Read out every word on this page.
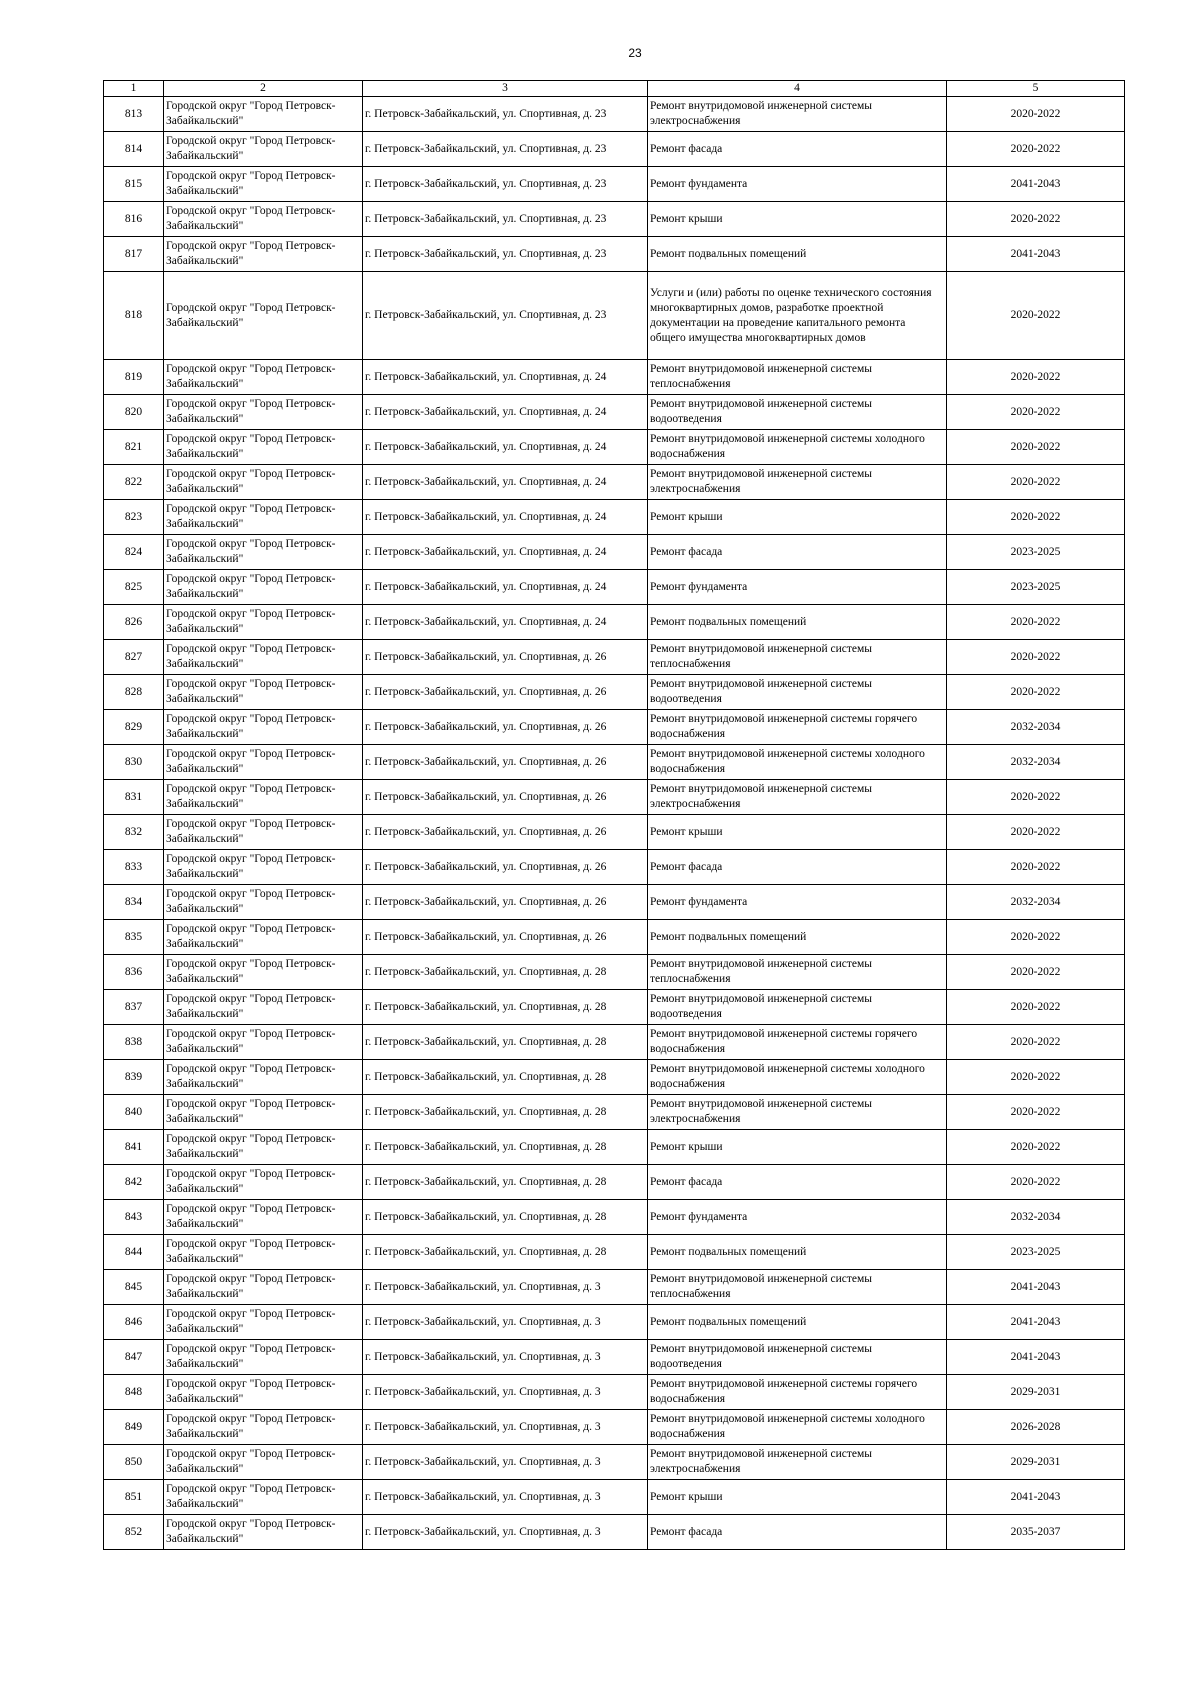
23
1	2	3	4	5
813	Городской округ "Город Петровск-Забайкальский"	г. Петровск-Забайкальский, ул. Спортивная, д. 23	Ремонт внутридомовой инженерной системы электроснабжения	2020-2022
814	Городской округ "Город Петровск-Забайкальский"	г. Петровск-Забайкальский, ул. Спортивная, д. 23	Ремонт фасада	2020-2022
815	Городской округ "Город Петровск-Забайкальский"	г. Петровск-Забайкальский, ул. Спортивная, д. 23	Ремонт фундамента	2041-2043
816	Городской округ "Город Петровск-Забайкальский"	г. Петровск-Забайкальский, ул. Спортивная, д. 23	Ремонт крыши	2020-2022
817	Городской округ "Город Петровск-Забайкальский"	г. Петровск-Забайкальский, ул. Спортивная, д. 23	Ремонт подвальных помещений	2041-2043
818	Городской округ "Город Петровск-Забайкальский"	г. Петровск-Забайкальский, ул. Спортивная, д. 23	Услуги и (или) работы по оценке технического состояния многоквартирных домов, разработке проектной документации на проведение капитального ремонта общего имущества многоквартирных домов	2020-2022
819	Городской округ "Город Петровск-Забайкальский"	г. Петровск-Забайкальский, ул. Спортивная, д. 24	Ремонт внутридомовой инженерной системы теплоснабжения	2020-2022
820	Городской округ "Город Петровск-Забайкальский"	г. Петровск-Забайкальский, ул. Спортивная, д. 24	Ремонт внутридомовой инженерной системы водоотведения	2020-2022
821	Городской округ "Город Петровск-Забайкальский"	г. Петровск-Забайкальский, ул. Спортивная, д. 24	Ремонт внутридомовой инженерной системы холодного водоснабжения	2020-2022
822	Городской округ "Город Петровск-Забайкальский"	г. Петровск-Забайкальский, ул. Спортивная, д. 24	Ремонт внутридомовой инженерной системы электроснабжения	2020-2022
823	Городской округ "Город Петровск-Забайкальский"	г. Петровск-Забайкальский, ул. Спортивная, д. 24	Ремонт крыши	2020-2022
824	Городской округ "Город Петровск-Забайкальский"	г. Петровск-Забайкальский, ул. Спортивная, д. 24	Ремонт фасада	2023-2025
825	Городской округ "Город Петровск-Забайкальский"	г. Петровск-Забайкальский, ул. Спортивная, д. 24	Ремонт фундамента	2023-2025
826	Городской округ "Город Петровск-Забайкальский"	г. Петровск-Забайкальский, ул. Спортивная, д. 24	Ремонт подвальных помещений	2020-2022
827	Городской округ "Город Петровск-Забайкальский"	г. Петровск-Забайкальский, ул. Спортивная, д. 26	Ремонт внутридомовой инженерной системы теплоснабжения	2020-2022
828	Городской округ "Город Петровск-Забайкальский"	г. Петровск-Забайкальский, ул. Спортивная, д. 26	Ремонт внутридомовой инженерной системы водоотведения	2020-2022
829	Городской округ "Город Петровск-Забайкальский"	г. Петровск-Забайкальский, ул. Спортивная, д. 26	Ремонт внутридомовой инженерной системы горячего водоснабжения	2032-2034
830	Городской округ "Город Петровск-Забайкальский"	г. Петровск-Забайкальский, ул. Спортивная, д. 26	Ремонт внутридомовой инженерной системы холодного водоснабжения	2032-2034
831	Городской округ "Город Петровск-Забайкальский"	г. Петровск-Забайкальский, ул. Спортивная, д. 26	Ремонт внутридомовой инженерной системы электроснабжения	2020-2022
832	Городской округ "Город Петровск-Забайкальский"	г. Петровск-Забайкальский, ул. Спортивная, д. 26	Ремонт крыши	2020-2022
833	Городской округ "Город Петровск-Забайкальский"	г. Петровск-Забайкальский, ул. Спортивная, д. 26	Ремонт фасада	2020-2022
834	Городской округ "Город Петровск-Забайкальский"	г. Петровск-Забайкальский, ул. Спортивная, д. 26	Ремонт фундамента	2032-2034
835	Городской округ "Город Петровск-Забайкальский"	г. Петровск-Забайкальский, ул. Спортивная, д. 26	Ремонт подвальных помещений	2020-2022
836	Городской округ "Город Петровск-Забайкальский"	г. Петровск-Забайкальский, ул. Спортивная, д. 28	Ремонт внутридомовой инженерной системы теплоснабжения	2020-2022
837	Городской округ "Город Петровск-Забайкальский"	г. Петровск-Забайкальский, ул. Спортивная, д. 28	Ремонт внутридомовой инженерной системы водоотведения	2020-2022
838	Городской округ "Город Петровск-Забайкальский"	г. Петровск-Забайкальский, ул. Спортивная, д. 28	Ремонт внутридомовой инженерной системы горячего водоснабжения	2020-2022
839	Городской округ "Город Петровск-Забайкальский"	г. Петровск-Забайкальский, ул. Спортивная, д. 28	Ремонт внутридомовой инженерной системы холодного водоснабжения	2020-2022
840	Городской округ "Город Петровск-Забайкальский"	г. Петровск-Забайкальский, ул. Спортивная, д. 28	Ремонт внутридомовой инженерной системы электроснабжения	2020-2022
841	Городской округ "Город Петровск-Забайкальский"	г. Петровск-Забайкальский, ул. Спортивная, д. 28	Ремонт крыши	2020-2022
842	Городской округ "Город Петровск-Забайкальский"	г. Петровск-Забайкальский, ул. Спортивная, д. 28	Ремонт фасада	2020-2022
843	Городской округ "Город Петровск-Забайкальский"	г. Петровск-Забайкальский, ул. Спортивная, д. 28	Ремонт фундамента	2032-2034
844	Городской округ "Город Петровск-Забайкальский"	г. Петровск-Забайкальский, ул. Спортивная, д. 28	Ремонт подвальных помещений	2023-2025
845	Городской округ "Город Петровск-Забайкальский"	г. Петровск-Забайкальский, ул. Спортивная, д. 3	Ремонт внутридомовой инженерной системы теплоснабжения	2041-2043
846	Городской округ "Город Петровск-Забайкальский"	г. Петровск-Забайкальский, ул. Спортивная, д. 3	Ремонт подвальных помещений	2041-2043
847	Городской округ "Город Петровск-Забайкальский"	г. Петровск-Забайкальский, ул. Спортивная, д. 3	Ремонт внутридомовой инженерной системы водоотведения	2041-2043
848	Городской округ "Город Петровск-Забайкальский"	г. Петровск-Забайкальский, ул. Спортивная, д. 3	Ремонт внутридомовой инженерной системы горячего водоснабжения	2029-2031
849	Городской округ "Город Петровск-Забайкальский"	г. Петровск-Забайкальский, ул. Спортивная, д. 3	Ремонт внутридомовой инженерной системы холодного водоснабжения	2026-2028
850	Городской округ "Город Петровск-Забайкальский"	г. Петровск-Забайкальский, ул. Спортивная, д. 3	Ремонт внутридомовой инженерной системы электроснабжения	2029-2031
851	Городской округ "Город Петровск-Забайкальский"	г. Петровск-Забайкальский, ул. Спортивная, д. 3	Ремонт крыши	2041-2043
852	Городской округ "Город Петровск-Забайкальский"	г. Петровск-Забайкальский, ул. Спортивная, д. 3	Ремонт фасада	2035-2037
